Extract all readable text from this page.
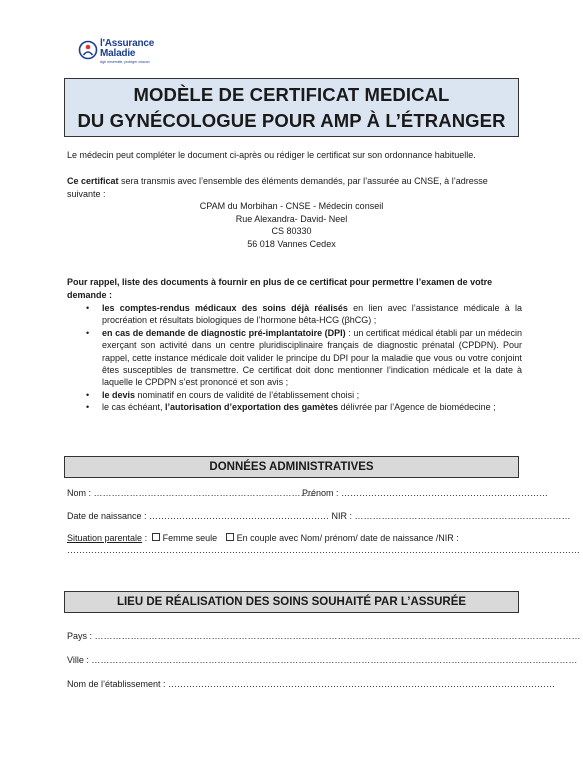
l'Assurance
Maladie
Agir ensemble, protéger chacun
MODÈLE DE CERTIFICAT MEDICAL
DU GYNÉCOLOGUE POUR AMP À L’ÉTRANGER
Le médecin peut compléter le document ci-après ou rédiger le certificat sur son ordonnance habituelle.
Ce certificat sera transmis avec l’ensemble des éléments demandés, par l’assurée au CNSE, à l’adresse suivante :
CPAM du Morbihan - CNSE - Médecin conseil
Rue Alexandra- David- Neel
CS 80330
56 018 Vannes Cedex
Pour rappel, liste des documents à fournir en plus de ce certificat pour permettre l’examen de votre demande :
• les comptes-rendus médicaux des soins déjà réalisés en lien avec l’assistance médicale à la procréation et résultats biologiques de l’hormone bêta-HCG (βhCG) ;
• en cas de demande de diagnostic pré-implantatoire (DPI) : un certificat médical établi par un médecin exerçant son activité dans un centre pluridisciplinaire français de diagnostic prénatal (CPDPN). Pour rappel, cette instance médicale doit valider le principe du DPI pour la maladie que vous ou votre conjoint êtes susceptibles de transmettre. Ce certificat doit donc mentionner l’indication médicale et la date à laquelle le CPDPN s’est prononcé et son avis ;
• le devis nominatif en cours de validité de l’établissement choisi ;
• le cas échéant, l’autorisation d’exportation des gamètes délivrée par l’Agence de biomédecine ;
DONNÉES ADMINISTRATIVES
Nom : …………………………………………………………………
Prénom : ……………………………………………………………
Date de naissance : …………………………………………………… NIR : ………………………………………………………………
Situation parentale : Femme seule En couple avec Nom/ prénom/ date de naissance /NIR :
………………………………………………………………………………………………………………………………………………………
LIEU DE RÉALISATION DES SOINS SOUHAITÉ PAR L’ASSURÉE
Pays : ………………………………………………………………………………………………………………………………………………
Ville : ………………………………………………………………………………………………………………………………………………
Nom de l’établissement : …………………………………………………………………………………………………………………
